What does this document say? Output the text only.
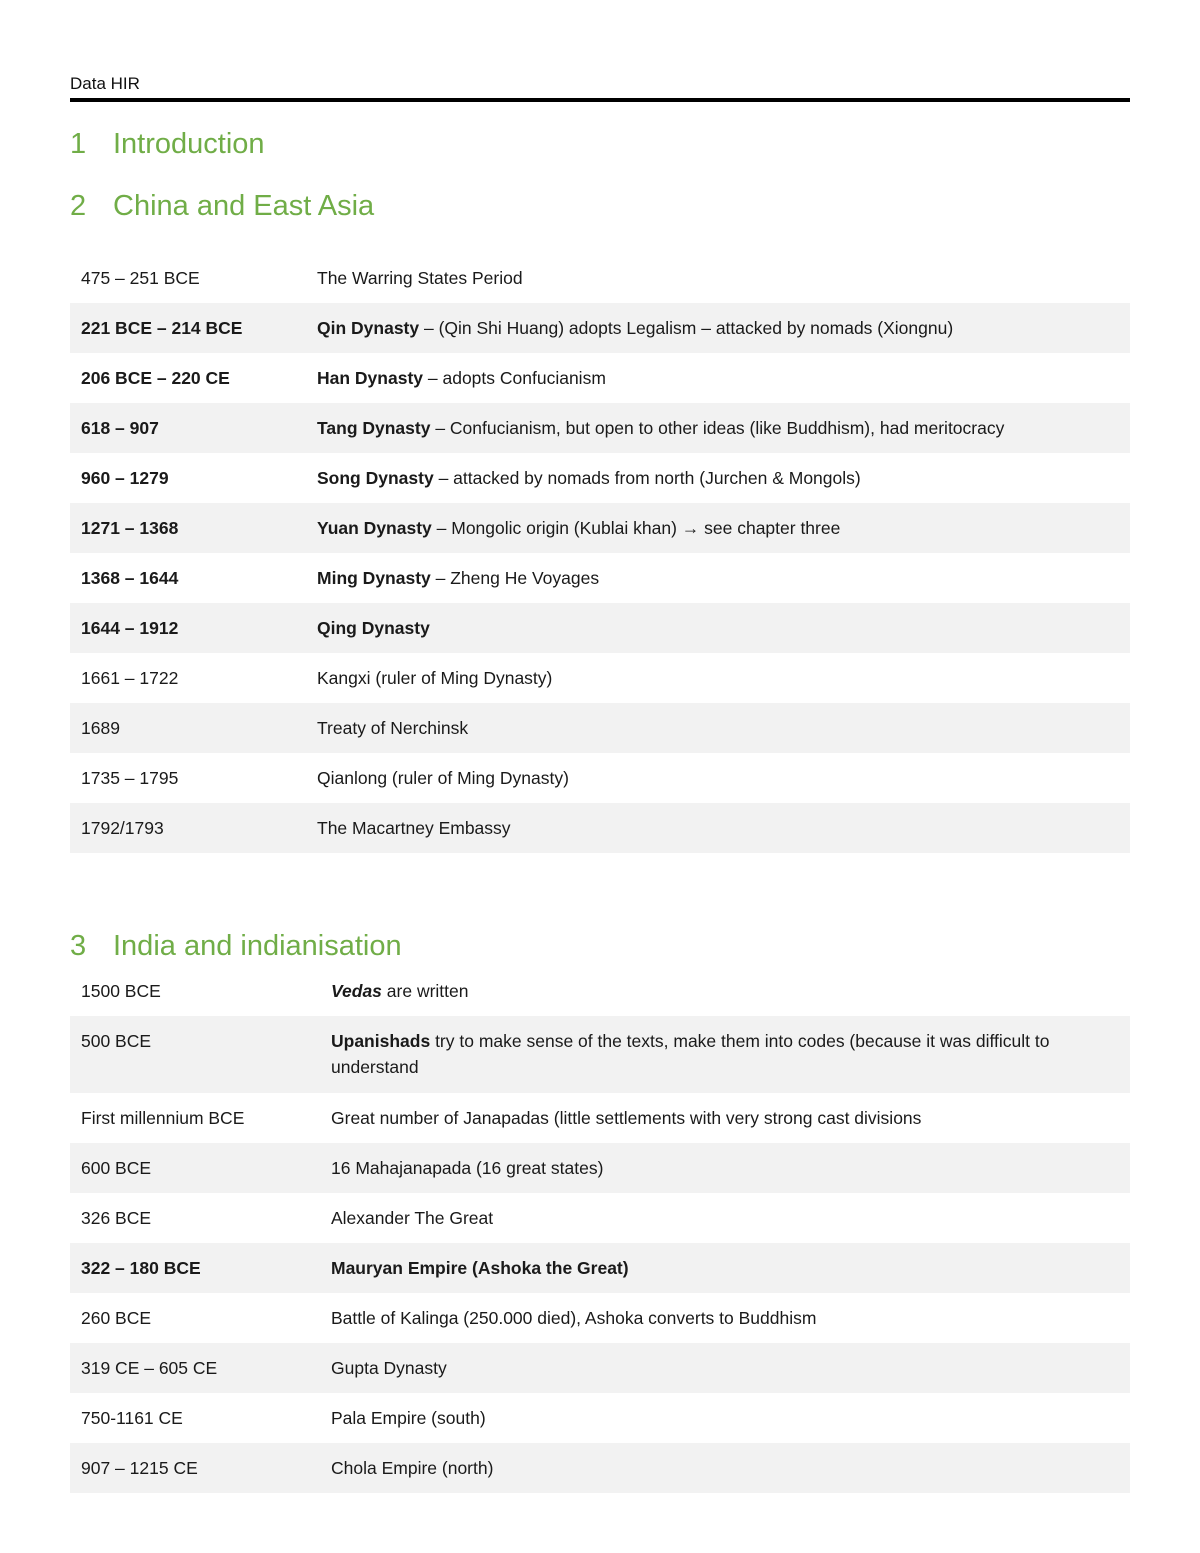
Data HIR
1 Introduction
2 China and East Asia
475 – 251 BCE	The Warring States Period
221 BCE – 214 BCE	Qin Dynasty – (Qin Shi Huang) adopts Legalism – attacked by nomads (Xiongnu)
206 BCE – 220 CE	Han Dynasty – adopts Confucianism
618 – 907	Tang Dynasty – Confucianism, but open to other ideas (like Buddhism), had meritocracy
960 – 1279	Song Dynasty – attacked by nomads from north (Jurchen & Mongols)
1271 – 1368	Yuan Dynasty – Mongolic origin (Kublai khan) → see chapter three
1368 – 1644	Ming Dynasty – Zheng He Voyages
1644 – 1912	Qing Dynasty
1661 – 1722	Kangxi (ruler of Ming Dynasty)
1689	Treaty of Nerchinsk
1735 – 1795	Qianlong (ruler of Ming Dynasty)
1792/1793	The Macartney Embassy
3 India and indianisation
1500 BCE	Vedas are written
500 BCE	Upanishads try to make sense of the texts, make them into codes (because it was difficult to understand
First millennium BCE	Great number of Janapadas (little settlements with very strong cast divisions
600 BCE	16 Mahajanapada (16 great states)
326 BCE	Alexander The Great
322 – 180 BCE	Mauryan Empire (Ashoka the Great)
260 BCE	Battle of Kalinga (250.000 died), Ashoka converts to Buddhism
319 CE – 605 CE	Gupta Dynasty
750-1161 CE	Pala Empire (south)
907 – 1215 CE	Chola Empire (north)
